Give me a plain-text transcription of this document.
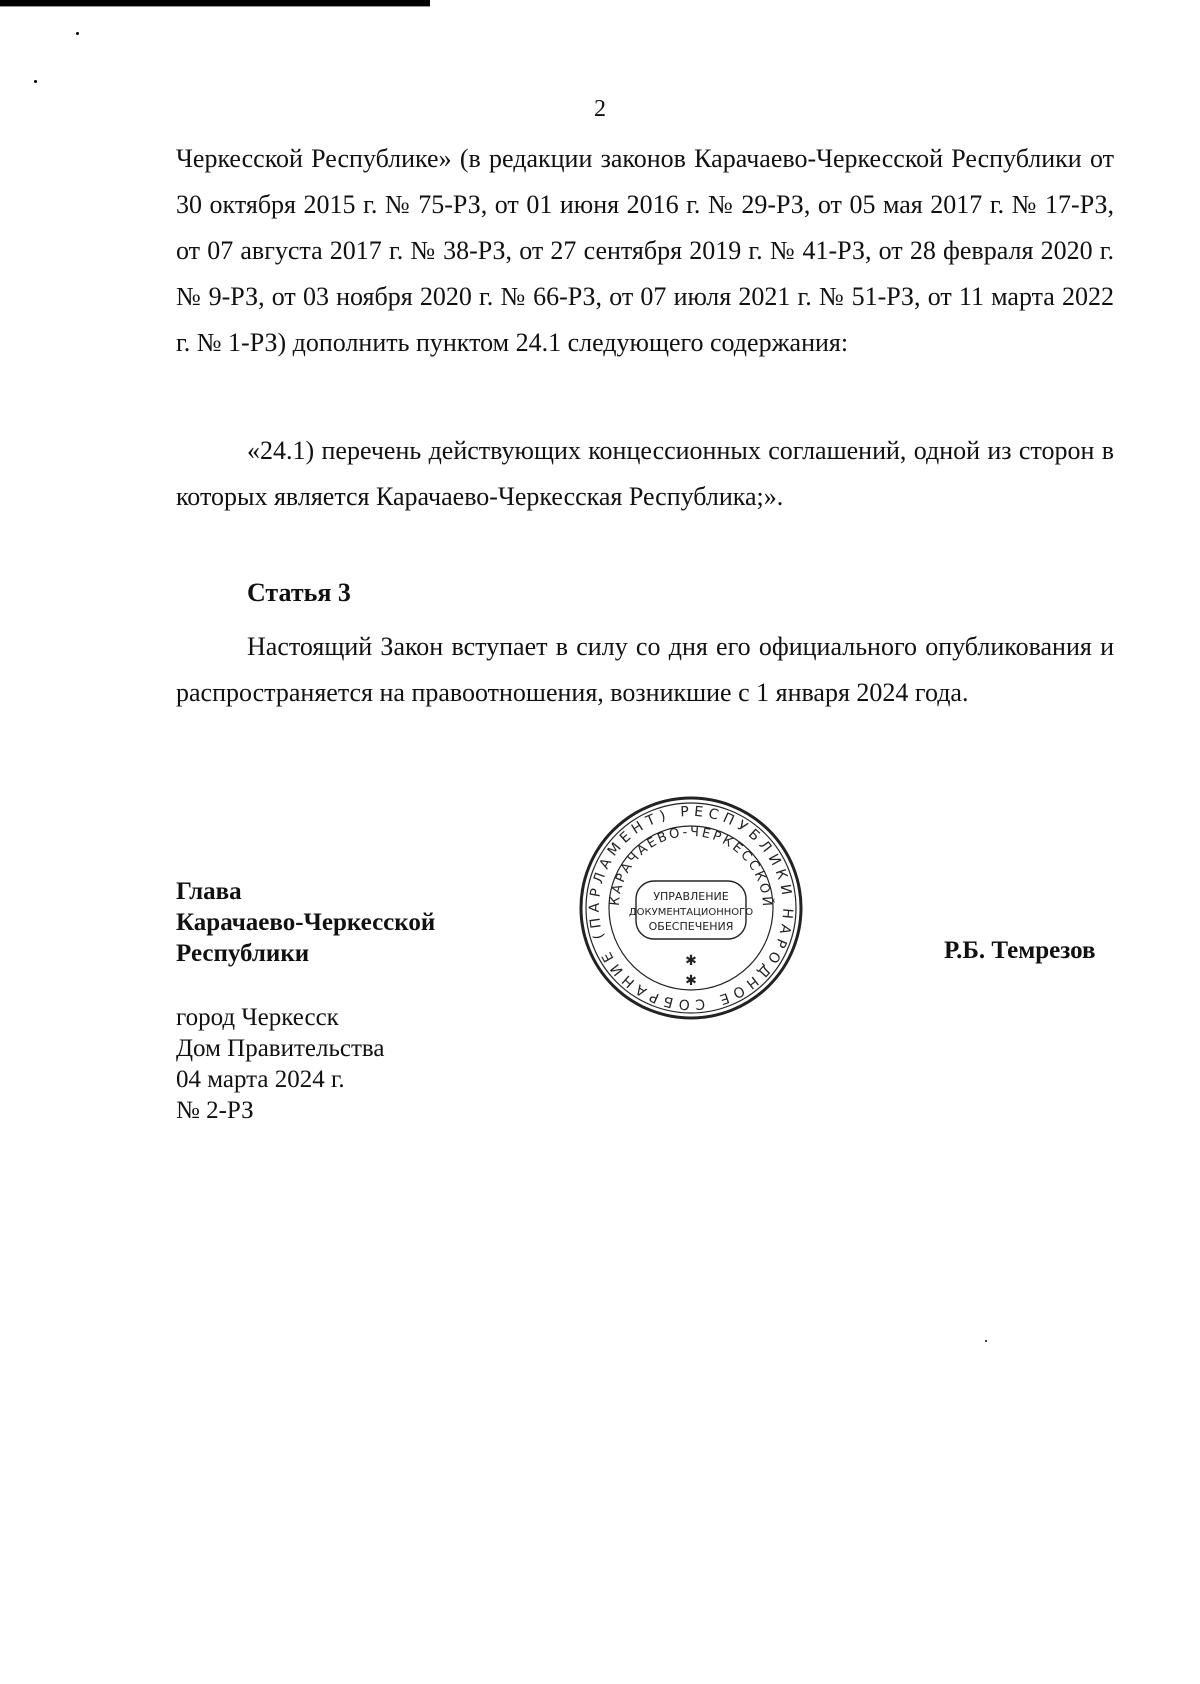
2

Черкесской Республике» (в редакции законов Карачаево-Черкесской Республики от 30 октября 2015 г. № 75-РЗ, от 01 июня 2016 г. № 29-РЗ, от 05 мая 2017 г. № 17-РЗ, от 07 августа 2017 г. № 38-РЗ, от 27 сентября 2019 г. № 41-РЗ, от 28 февраля 2020 г. № 9-РЗ, от 03 ноября 2020 г. № 66-РЗ, от 07 июля 2021 г. № 51-РЗ, от 11 марта 2022 г. № 1-РЗ) дополнить пунктом 24.1 следующего содержания:

«24.1) перечень действующих концессионных соглашений, одной из сторон в которых является Карачаево-Черкесская Республика;».

Статья 3

Настоящий Закон вступает в силу со дня его официального опубликования и распространяется на правоотношения, возникшие с 1 января 2024 года.

Глава
Карачаево-Черкесской
Республики	Р.Б. Темрезов
город Черкесск
Дом Правительства
04 марта 2024 г.
№ 2-РЗ
НАРОДНОЕ СОБРАНИЕ (ПАРЛАМЕНТ) РЕСПУБЛИКИ
КАРАЧАЕВО-ЧЕРКЕССКОЙ
УПРАВЛЕНИЕ
ДОКУМЕНТАЦИОННОГО
ОБЕСПЕЧЕНИЯ
✱
✱
